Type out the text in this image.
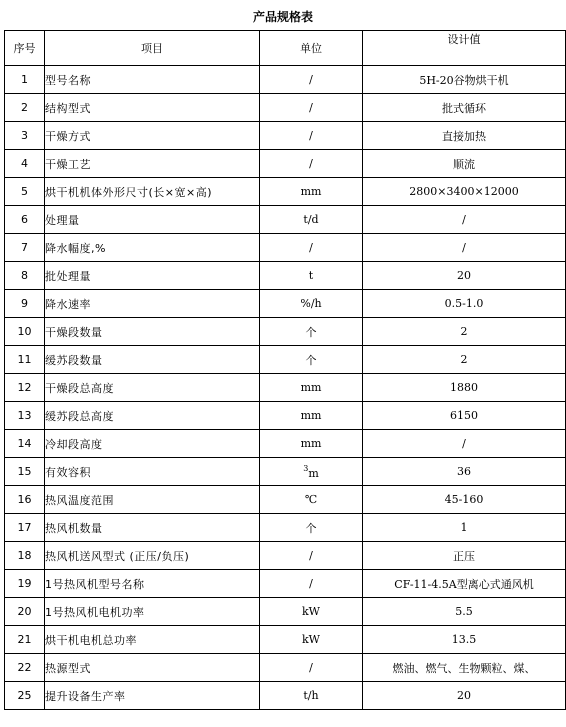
产品规格表
序号	项目	单位	设计值
1	型号名称	/	5H-20谷物烘干机
2	结构型式	/	批式循环
3	干燥方式	/	直接加热
4	干燥工艺	/	顺流
5	烘干机机体外形尺寸(长×宽×高)	mm	2800×3400×12000
6	处理量	t/d	/
7	降水幅度,%	/	/
8	批处理量	t	20
9	降水速率	%/h	0.5-1.0
10	干燥段数量	个	2
11	缓苏段数量	个	2
12	干燥段总高度	mm	1880
13	缓苏段总高度	mm	6150
14	冷却段高度	mm	/
15	有效容积	$^3$m	36
16	热风温度范围	℃	45-160
17	热风机数量	个	1
18	热风机送风型式 (正压/负压)	/	正压
19	1号热风机型号名称	/	CF-11-4.5A型离心式通风机
20	1号热风机电机功率	kW	5.5
21	烘干机电机总功率	kW	13.5
22	热源型式	/	燃油、燃气、生物颗粒、煤、
25	提升设备生产率	t/h	20
